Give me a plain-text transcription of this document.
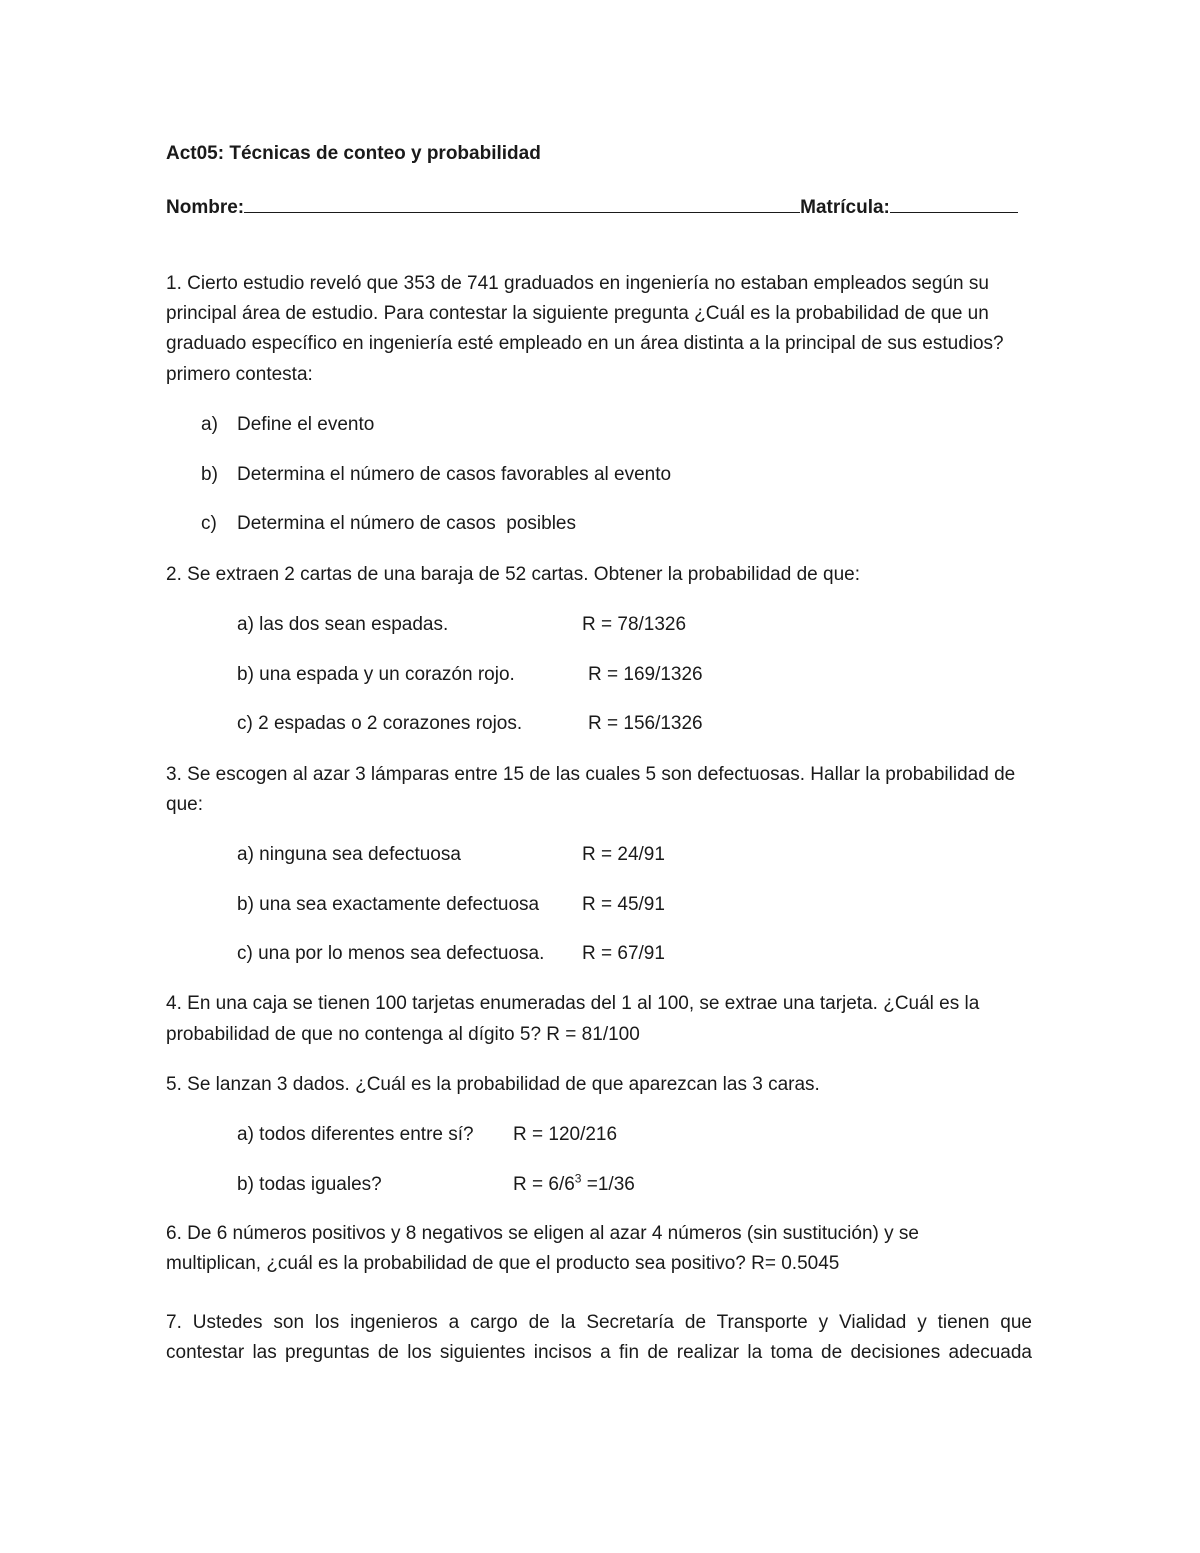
Act05: Técnicas de conteo y probabilidad
Nombre:	Matrícula:
1. Cierto estudio reveló que 353 de 741 graduados en ingeniería no estaban empleados según su
principal área de estudio. Para contestar la siguiente pregunta ¿Cuál es la probabilidad de que un
graduado específico en ingeniería esté empleado en un área distinta a la principal de sus estudios?
primero contesta:
a) Define el evento
b) Determina el número de casos favorables al evento
c) Determina el número de casos  posibles
2. Se extraen 2 cartas de una baraja de 52 cartas. Obtener la probabilidad de que:
a) las dos sean espadas.	R = 78/1326
b) una espada y un corazón rojo.	R = 169/1326
c) 2 espadas o 2 corazones rojos.	R = 156/1326
3. Se escogen al azar 3 lámparas entre 15 de las cuales 5 son defectuosas. Hallar la probabilidad de
que:
a) ninguna sea defectuosa	R = 24/91
b) una sea exactamente defectuosa R = 45/91
c) una por lo menos sea defectuosa. R = 67/91
4. En una caja se tienen 100 tarjetas enumeradas del 1 al 100, se extrae una tarjeta. ¿Cuál es la
probabilidad de que no contenga al dígito 5? R = 81/100
5. Se lanzan 3 dados. ¿Cuál es la probabilidad de que aparezcan las 3 caras.
a) todos diferentes entre sí? R = 120/216
b) todas iguales?	$R = 6/6^3 =1/36$
6. De 6 números positivos y 8 negativos se eligen al azar 4 números (sin sustitución) y se
multiplican, ¿cuál es la probabilidad de que el producto sea positivo? R= 0.5045
7. Ustedes son los ingenieros a cargo de la Secretaría de Transporte y Vialidad y tienen que
contestar las preguntas de los siguientes incisos a fin de realizar la toma de decisiones adecuada
